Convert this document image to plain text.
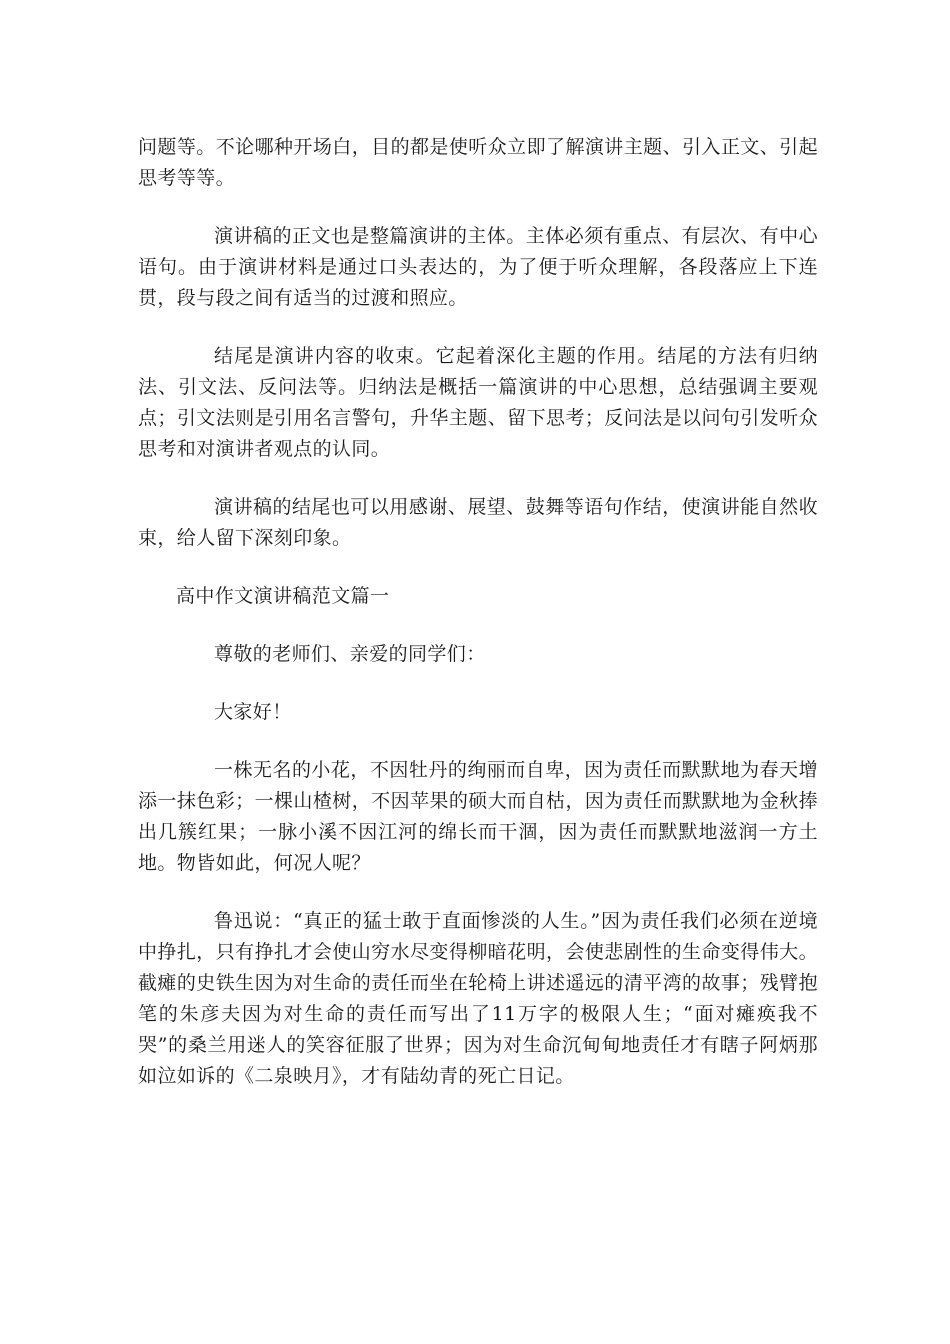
问题等。不论哪种开场白，目的都是使听众立即了解演讲主题、引入正文、引起思考等等。

演讲稿的正文也是整篇演讲的主体。主体必须有重点、有层次、有中心语句。由于演讲材料是通过口头表达的，为了便于听众理解，各段落应上下连贯，段与段之间有适当的过渡和照应。

结尾是演讲内容的收束。它起着深化主题的作用。结尾的方法有归纳法、引文法、反问法等。归纳法是概括一篇演讲的中心思想，总结强调主要观点；引文法则是引用名言警句，升华主题、留下思考；反问法是以问句引发听众思考和对演讲者观点的认同。

演讲稿的结尾也可以用感谢、展望、鼓舞等语句作结，使演讲能自然收束，给人留下深刻印象。

高中作文演讲稿范文篇一

尊敬的老师们、亲爱的同学们：

大家好！

一株无名的小花，不因牡丹的绚丽而自卑，因为责任而默默地为春天增添一抹色彩；一棵山楂树，不因苹果的硕大而自枯，因为责任而默默地为金秋捧出几簇红果；一脉小溪不因江河的绵长而干涸，因为责任而默默地滋润一方土地。物皆如此，何况人呢？

鲁迅说：“真正的猛士敢于直面惨淡的人生。”因为责任我们必须在逆境中挣扎，只有挣扎才会使山穷水尽变得柳暗花明，会使悲剧性的生命变得伟大。截瘫的史铁生因为对生命的责任而坐在轮椅上讲述遥远的清平湾的故事；残臂抱笔的朱彦夫因为对生命的责任而写出了11万字的极限人生；“面对瘫痪我不哭”的桑兰用迷人的笑容征服了世界；因为对生命沉甸甸地责任才有瞎子阿炳那如泣如诉的《二泉映月》，才有陆幼青的死亡日记。
